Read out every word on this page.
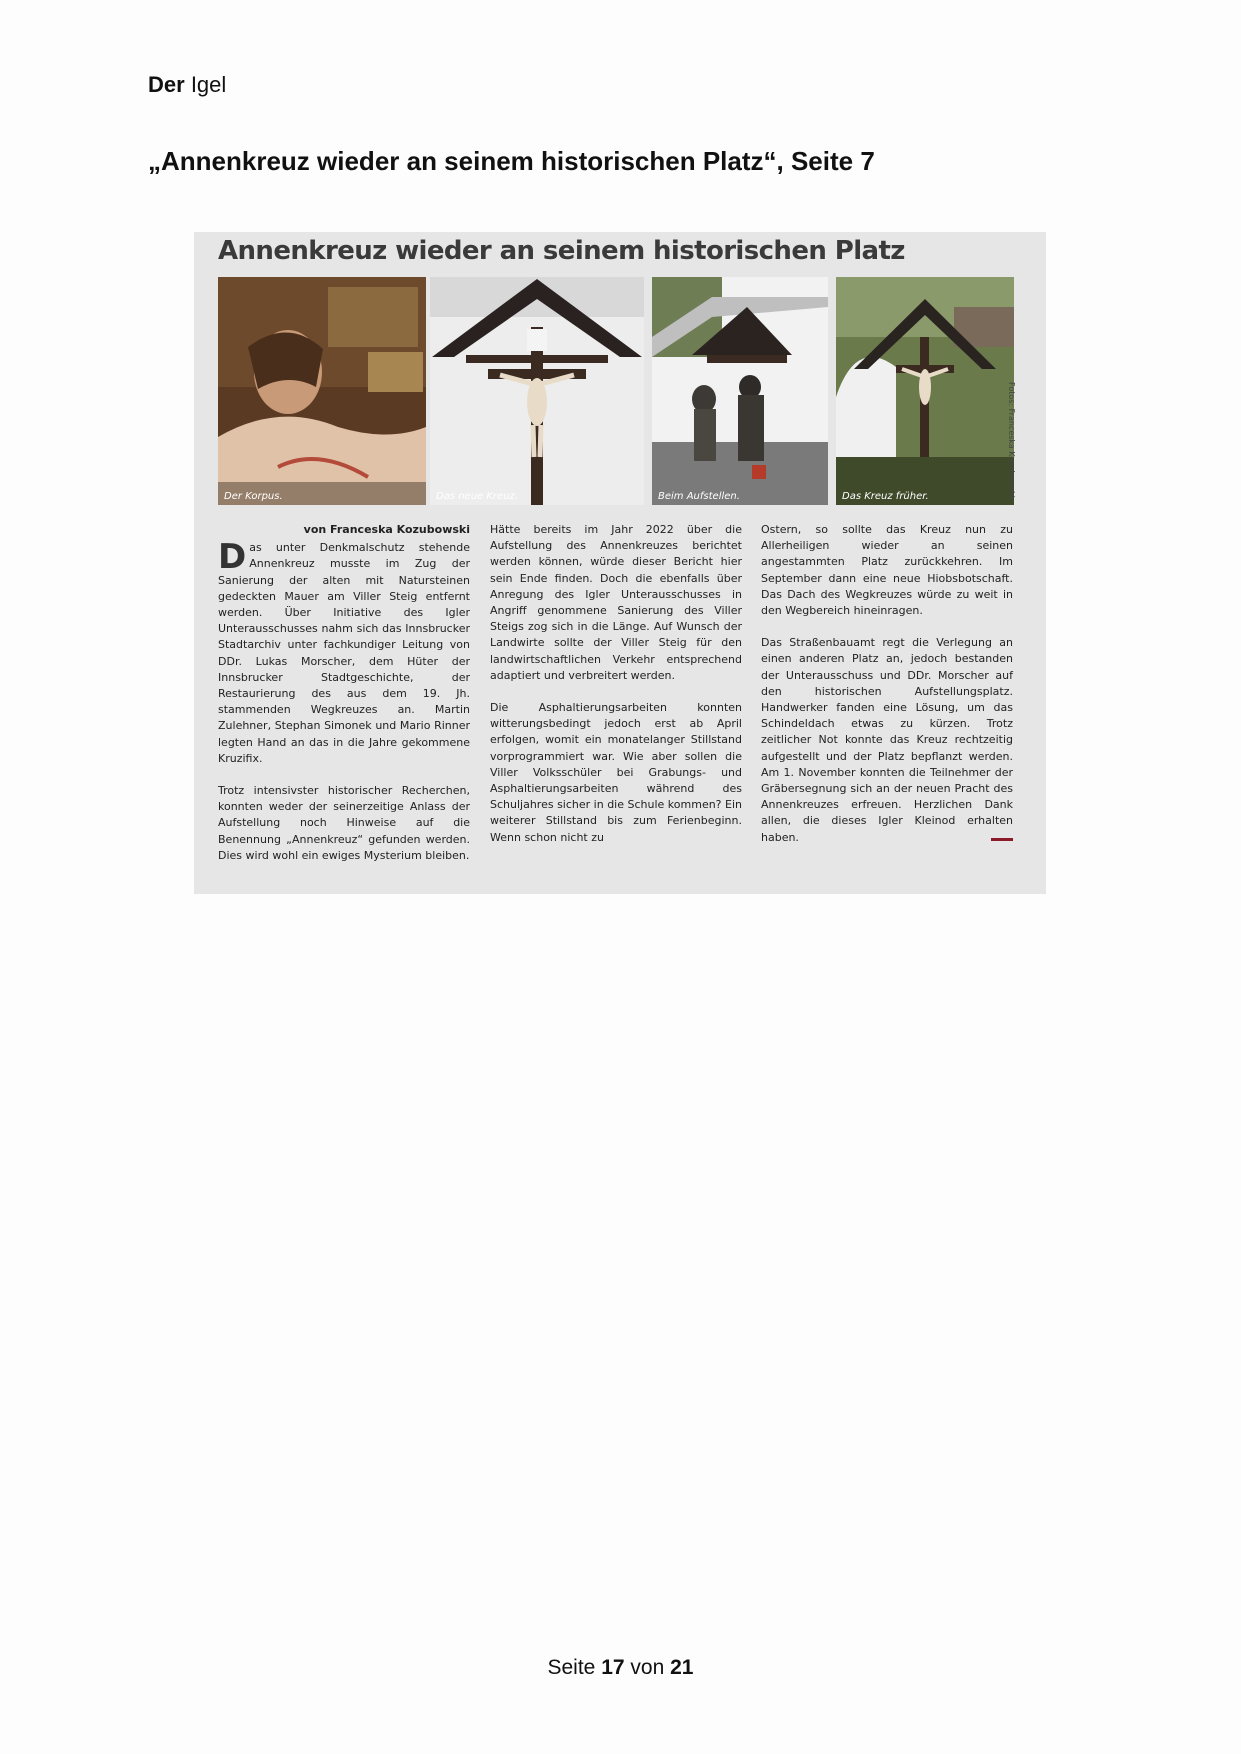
Der Igel
„Annenkreuz wieder an seinem historischen Platz“, Seite 7
Annenkreuz wieder an seinem historischen Platz
Der Korpus.	Das neue Kreuz.	Beim Aufstellen.	Das Kreuz früher.	Fotos: Franceska Kozubowski
von Franceska Kozubowski

Das unter Denkmalschutz stehende Annenkreuz musste im Zug der Sanierung der alten mit Natursteinen gedeckten Mauer am Viller Steig entfernt werden. Über Initiative des Igler Unterausschusses nahm sich das Innsbrucker Stadtarchiv unter fachkundiger Leitung von DDr. Lukas Morscher, dem Hüter der Innsbrucker Stadtgeschichte, der Restaurierung des aus dem 19. Jh. stammenden Wegkreuzes an. Martin Zulehner, Stephan Simonek und Mario Rinner legten Hand an das in die Jahre gekommene Kruzifix.

Trotz intensivster historischer Recherchen, konnten weder der seinerzeitige Anlass der Aufstellung noch Hinweise auf die Benennung „Annenkreuz“ gefunden werden. Dies wird wohl ein ewiges Mysterium bleiben.

Hätte bereits im Jahr 2022 über die Aufstellung des Annenkreuzes berichtet werden können, würde dieser Bericht hier sein Ende finden. Doch die ebenfalls über Anregung des Igler Unterausschusses in Angriff genommene Sanierung des Viller Steigs zog sich in die Länge. Auf Wunsch der Landwirte sollte der Viller Steig für den landwirtschaftlichen Verkehr entsprechend adaptiert und verbreitert werden.

Die Asphaltierungsarbeiten konnten witterungsbedingt jedoch erst ab April erfolgen, womit ein monatelanger Stillstand vorprogrammiert war. Wie aber sollen die Viller Volksschüler bei Grabungs- und Asphaltierungsarbeiten während des Schuljahres sicher in die Schule kommen? Ein weiterer Stillstand bis zum Ferienbeginn. Wenn schon nicht zu

Ostern, so sollte das Kreuz nun zu Allerheiligen wieder an seinen angestammten Platz zurückkehren. Im September dann eine neue Hiobsbotschaft. Das Dach des Wegkreuzes würde zu weit in den Wegbereich hineinragen.

Das Straßenbauamt regt die Verlegung an einen anderen Platz an, jedoch bestanden der Unterausschuss und DDr. Morscher auf den historischen Aufstellungsplatz. Handwerker fanden eine Lösung, um das Schindeldach etwas zu kürzen. Trotz zeitlicher Not konnte das Kreuz rechtzeitig aufgestellt und der Platz bepflanzt werden. Am 1. November konnten die Teilnehmer der Gräbersegnung sich an der neuen Pracht des Annenkreuzes erfreuen. Herzlichen Dank allen, die dieses Igler Kleinod erhalten haben.

Seite 17 von 21
